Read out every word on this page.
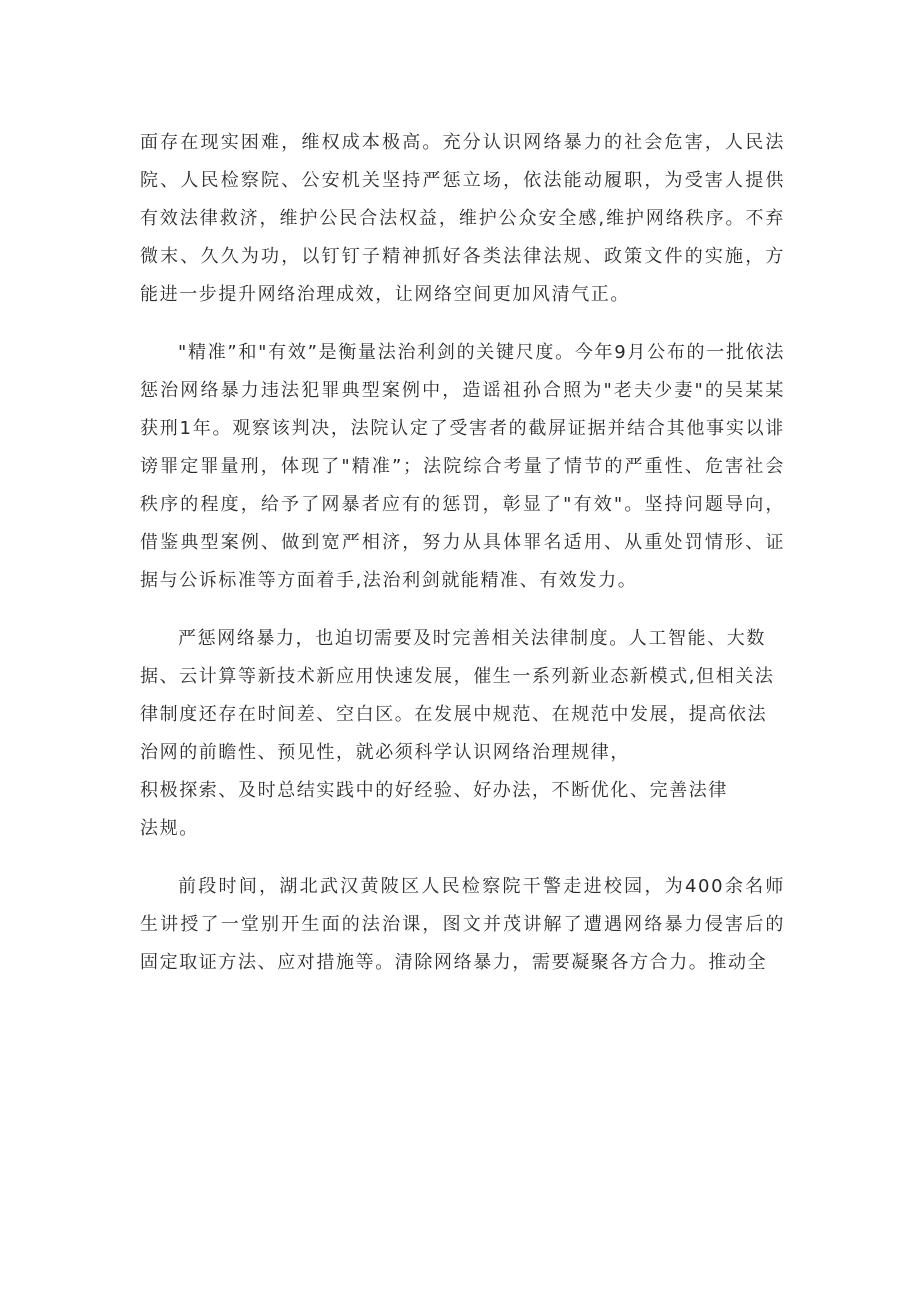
面存在现实困难，维权成本极高。充分认识网络暴力的社会危害，人民法院、人民检察院、公安机关坚持严惩立场，依法能动履职，为受害人提供有效法律救济，维护公民合法权益，维护公众安全感,维护网络秩序。不弃微末、久久为功，以钉钉子精神抓好各类法律法规、政策文件的实施，方能进一步提升网络治理成效，让网络空间更加风清气正。

"精准”和"有效”是衡量法治利剑的关键尺度。今年9月公布的一批依法惩治网络暴力违法犯罪典型案例中，造谣祖孙合照为"老夫少妻"的吴某某获刑1年。观察该判决，法院认定了受害者的截屏证据并结合其他事实以诽谤罪定罪量刑，体现了"精准”；法院综合考量了情节的严重性、危害社会秩序的程度，给予了网暴者应有的惩罚，彰显了"有效"。坚持问题导向，借鉴典型案例、做到宽严相济，努力从具体罪名适用、从重处罚情形、证据与公诉标准等方面着手,法治利剑就能精准、有效发力。

严惩网络暴力，也迫切需要及时完善相关法律制度。人工智能、大数
据、云计算等新技术新应用快速发展，催生一系列新业态新模式,但相关法
律制度还存在时间差、空白区。在发展中规范、在规范中发展，提高依法
治网的前瞻性、预见性，就必须科学认识网络治理规律，
积极探索、及时总结实践中的好经验、好办法，不断优化、完善法律
法规。

前段时间，湖北武汉黄陂区人民检察院干警走进校园，为400余名师生讲授了一堂别开生面的法治课，图文并茂讲解了遭遇网络暴力侵害后的固定取证方法、应对措施等。清除网络暴力，需要凝聚各方合力。推动全
